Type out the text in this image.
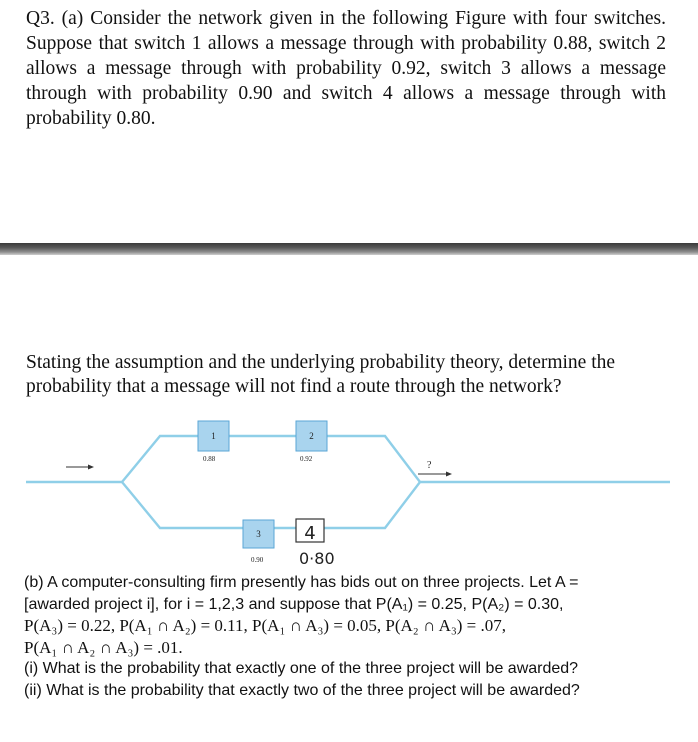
Q3. (a) Consider the network given in the following Figure with four switches. Suppose that switch 1 allows a message through with probability 0.88, switch 2 allows a message through with probability 0.92, switch 3 allows a message through with probability 0.90 and switch 4 allows a message through with probability 0.80.
Stating the assumption and the underlying probability theory, determine the probability that a message will not find a route through the network?
?
1
0.88
2
0.92
3
0.90
4
0·80
(b) A computer-consulting firm presently has bids out on three projects. Let A =
[awarded project i], for i = 1,2,3 and suppose that P(A₁) = 0.25, P(A₂) = 0.30,
P(A₃) = 0.22, P(A₁ ∩ A₂) = 0.11, P(A₁ ∩ A₃) = 0.05, P(A₂ ∩ A₃) = .07,
P(A₁ ∩ A₂ ∩ A₃) = .01.
(i) What is the probability that exactly one of the three project will be awarded?
(ii) What is the probability that exactly two of the three project will be awarded?
